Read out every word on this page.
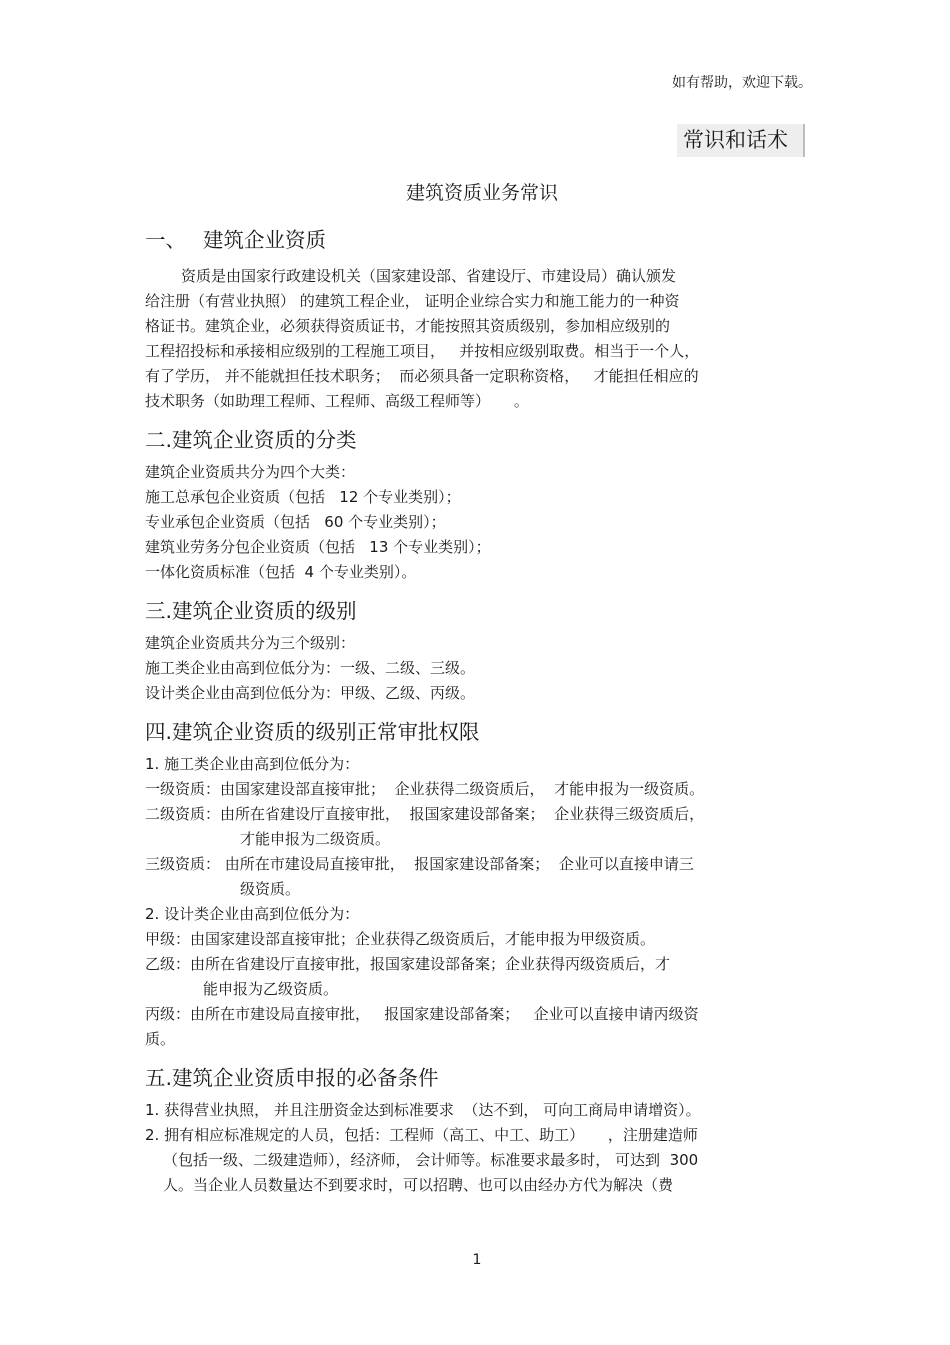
如有帮助，欢迎下载。
常识和话术
建筑资质业务常识
一、 建筑企业资质

资质是由国家行政建设机关（国家建设部、省建设厅、市建设局）确认颁发

给注册（有营业执照） 的建筑工程企业， 证明企业综合实力和施工能力的一种资

格证书。建筑企业，必须获得资质证书，才能按照其资质级别，参加相应级别的

工程招投标和承接相应级别的工程施工项目，   并按相应级别取费。相当于一个人，

有了学历， 并不能就担任技术职务；  而必须具备一定职称资格，   才能担任相应的

技术职务（如助理工程师、工程师、高级工程师等）     。

二.建筑企业资质的分类

建筑企业资质共分为四个大类：

施工总承包企业资质（包括   12 个专业类别）；

专业承包企业资质（包括   60 个专业类别）；

建筑业劳务分包企业资质（包括   13 个专业类别）；

一体化资质标准（包括  4 个专业类别）。

三.建筑企业资质的级别

建筑企业资质共分为三个级别：

施工类企业由高到位低分为：一级、二级、三级。

设计类企业由高到位低分为：甲级、乙级、丙级。

四.建筑企业资质的级别正常审批权限

1. 施工类企业由高到位低分为：

一级资质：由国家建设部直接审批；  企业获得二级资质后，  才能申报为一级资质。

二级资质：由所在省建设厅直接审批，  报国家建设部备案；  企业获得三级资质后，

才能申报为二级资质。

三级资质： 由所在市建设局直接审批，  报国家建设部备案；  企业可以直接申请三

级资质。

2. 设计类企业由高到位低分为：

甲级：由国家建设部直接审批；企业获得乙级资质后，才能申报为甲级资质。

乙级：由所在省建设厅直接审批，报国家建设部备案；企业获得丙级资质后，才

能申报为乙级资质。

丙级：由所在市建设局直接审批，   报国家建设部备案；   企业可以直接申请丙级资

质。

五.建筑企业资质申报的必备条件

1. 获得营业执照， 并且注册资金达到标准要求  （达不到， 可向工商局申请增资）。

2. 拥有相应标准规定的人员，包括：工程师（高工、中工、助工）     ，注册建造师

（包括一级、二级建造师），经济师， 会计师等。标准要求最多时， 可达到  300

人。当企业人员数量达不到要求时，可以招聘、也可以由经办方代为解决（费

1
